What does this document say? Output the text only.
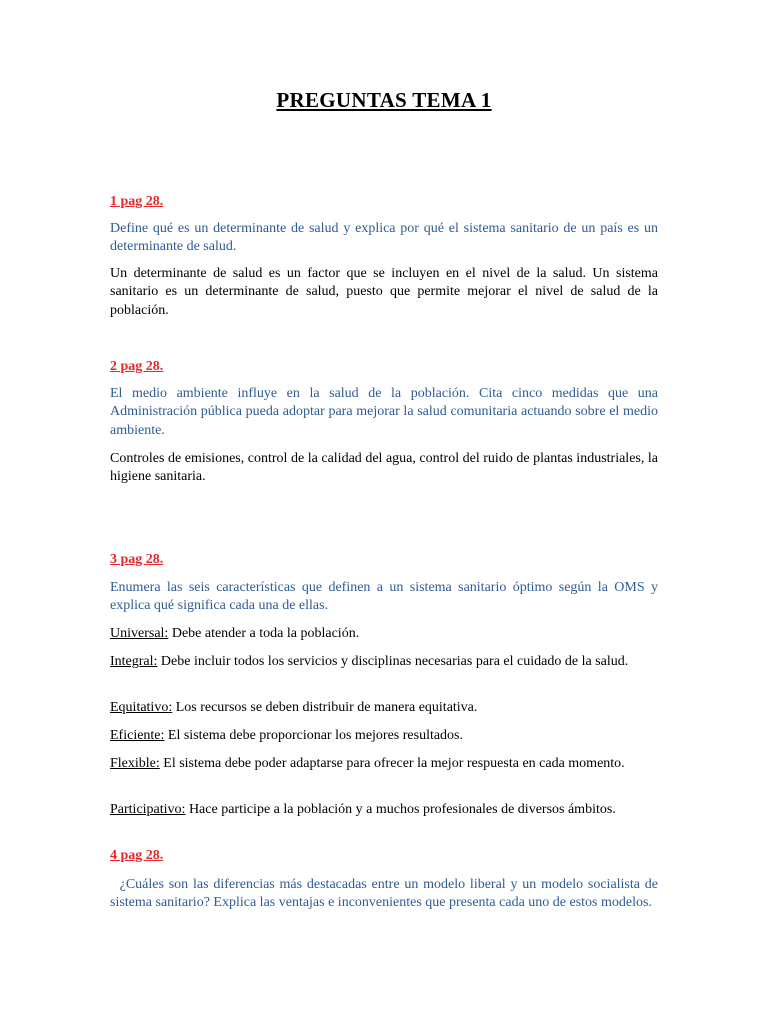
PREGUNTAS TEMA 1
1 pag 28.
Define qué es un determinante de salud y explica por qué el sistema sanitario de un país es un determinante de salud.
Un determinante de salud es un factor que se incluyen en el nivel de la salud. Un sistema sanitario es un determinante de salud, puesto que permite mejorar el nivel de salud de la población.
2 pag 28.
El medio ambiente influye en la salud de la población. Cita cinco medidas que una Administración pública pueda adoptar para mejorar la salud comunitaria actuando sobre el medio ambiente.
Controles de emisiones, control de la calidad del agua, control del ruido de plantas industriales, la higiene sanitaria.
3 pag 28.
Enumera las seis características que definen a un sistema sanitario óptimo según la OMS y explica qué significa cada una de ellas.
Universal: Debe atender a toda la población.
Integral: Debe incluir todos los servicios y disciplinas necesarias para el cuidado de la salud.
Equitativo: Los recursos se deben distribuir de manera equitativa.
Eficiente: El sistema debe proporcionar los mejores resultados.
Flexible: El sistema debe poder adaptarse para ofrecer la mejor respuesta en cada momento.
Participativo: Hace participe a la población y a muchos profesionales de diversos ámbitos.
4 pag 28.
¿Cuáles son las diferencias más destacadas entre un modelo liberal y un modelo socialista de sistema sanitario? Explica las ventajas e inconvenientes que presenta cada uno de estos modelos.
